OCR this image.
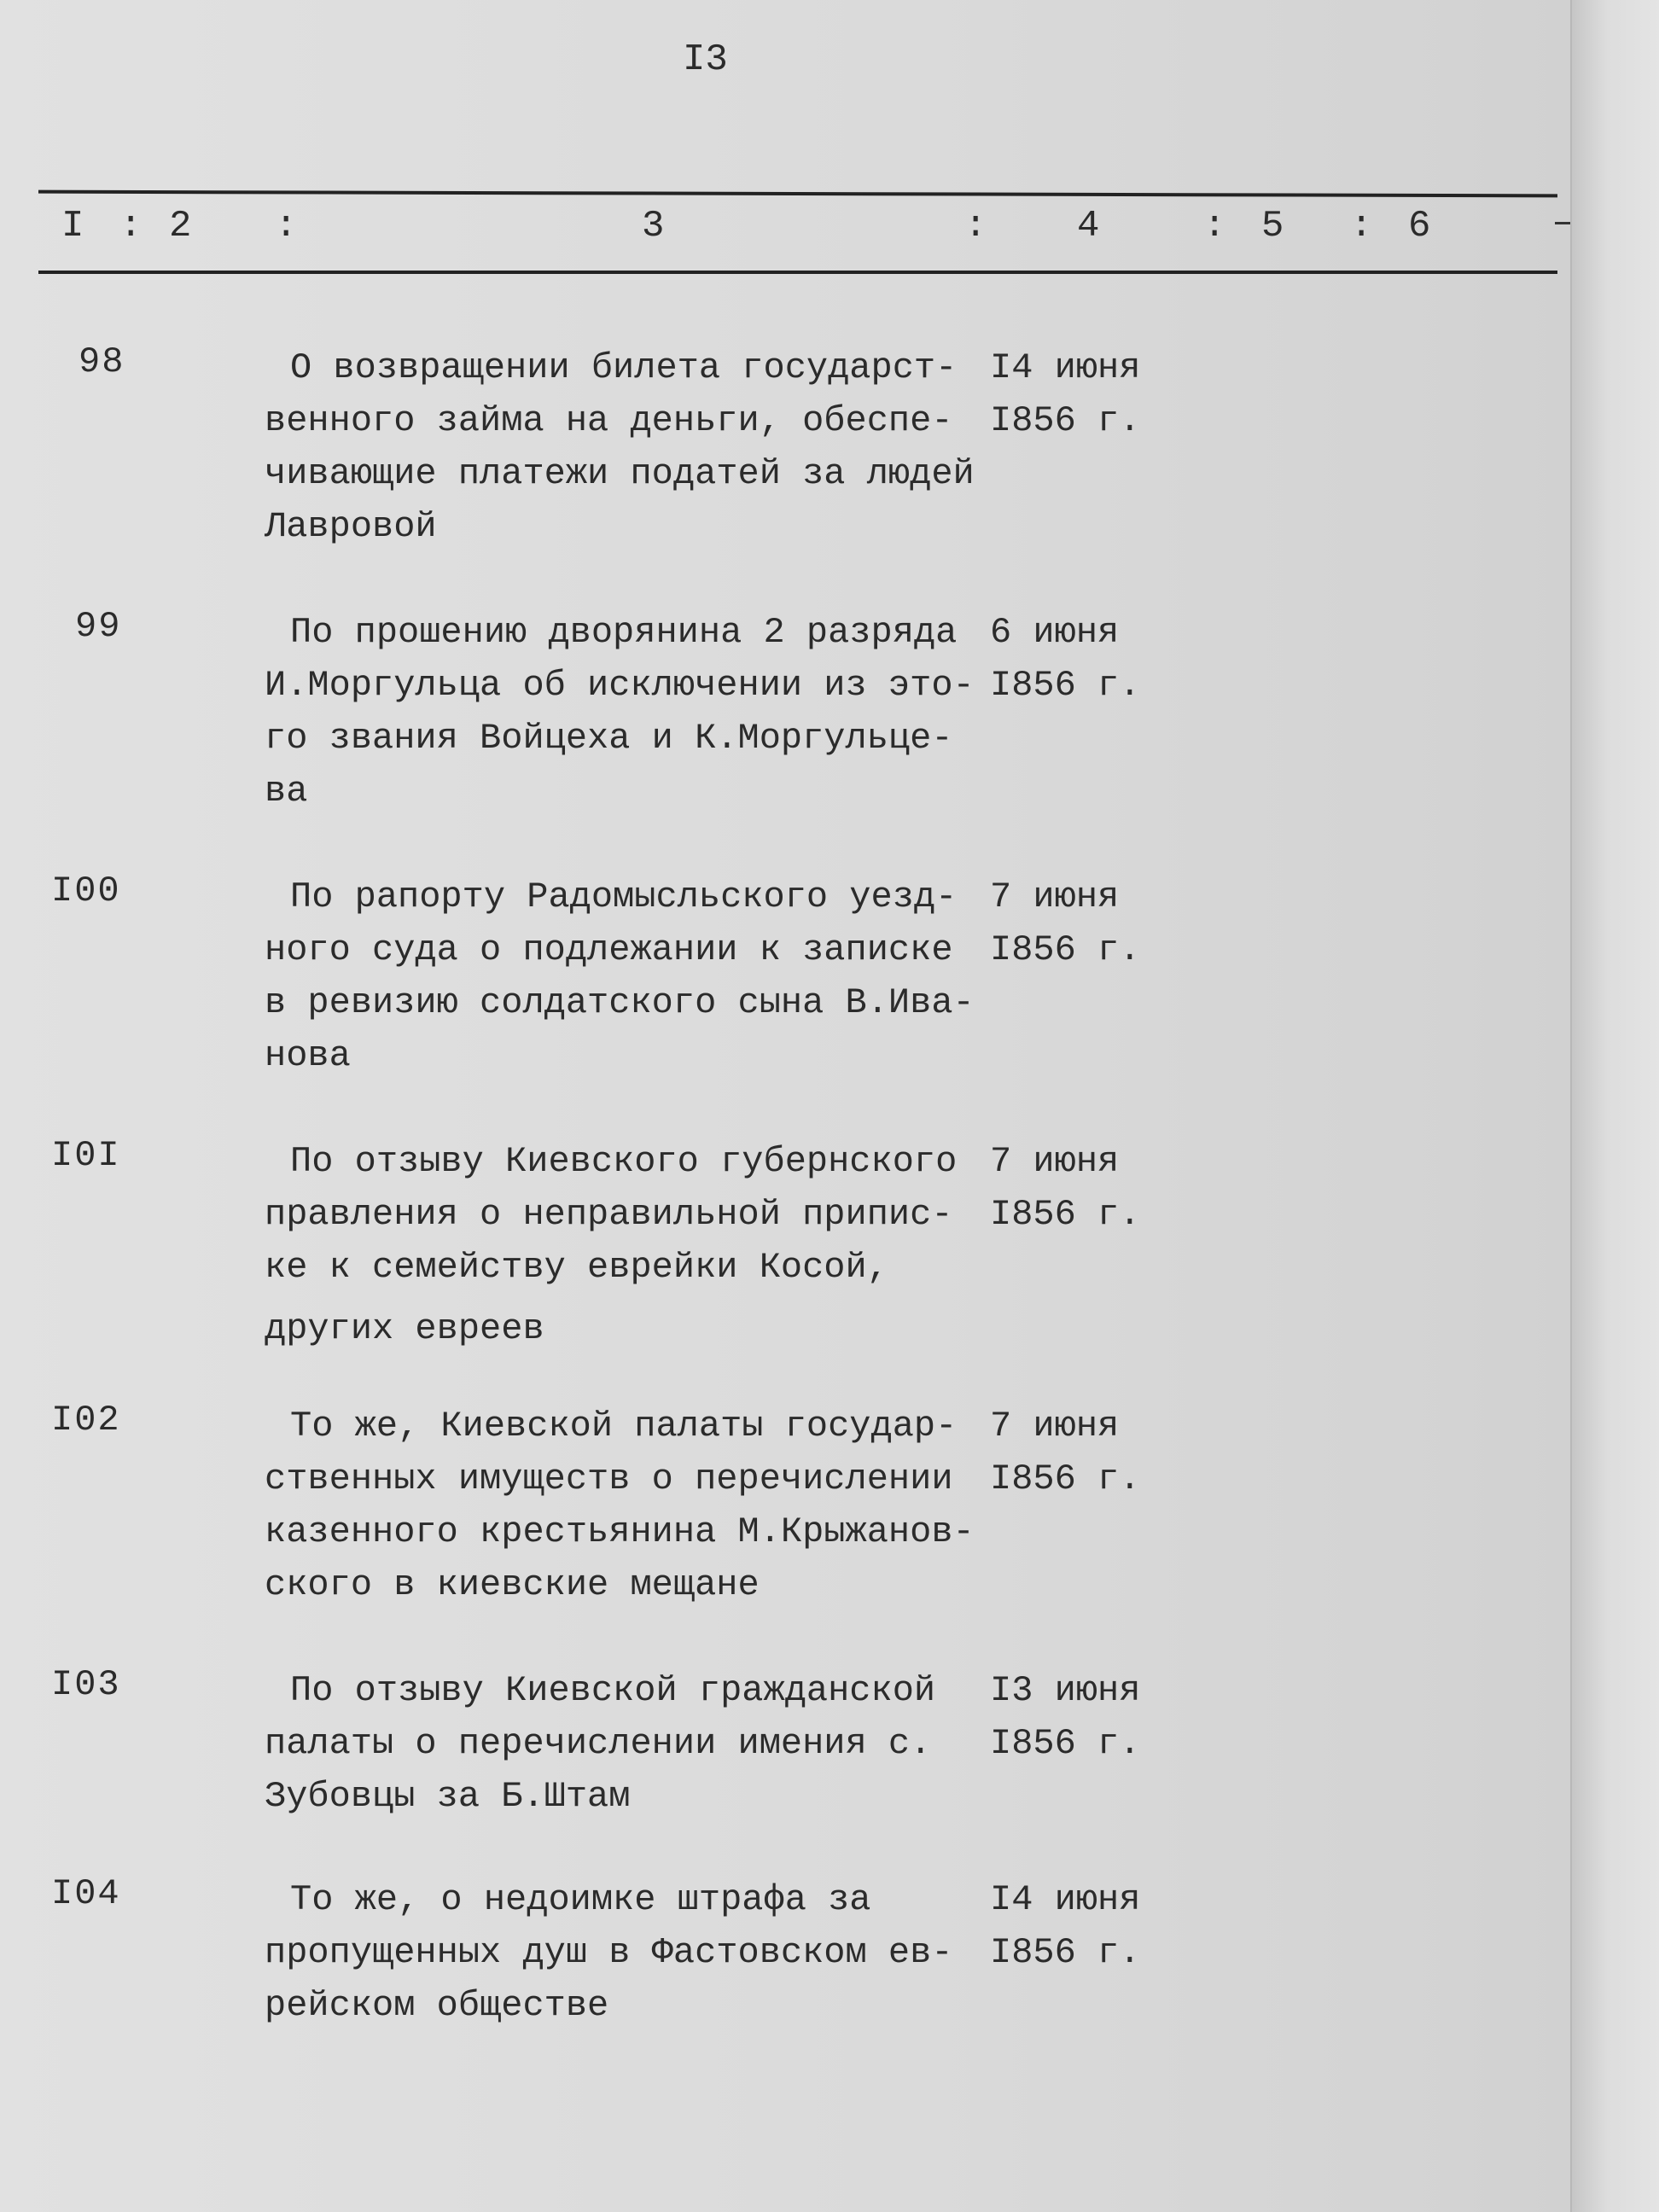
I3
I : 2 :	3	: 4	: 5 : 6
98	О возвращении билета государст-
венного займа на деньги, обеспе-
чивающие платежи податей за людей
Лавровой
I4 июня
I856 г.
99	По прошению дворянина 2 разряда
И.Моргульца об исключении из это-
го звания Войцеха и К.Моргульце-
ва
6 июня
I856 г.
I00	По рапорту Радомысльского уезд-
ного суда о подлежании к записке
в ревизию солдатского сына В.Ива-
нова
7 июня
I856 г.
I0I	По отзыву Киевского губернского
правления о неправильной припис-
ке к семейству еврейки Косой,
других евреев
7 июня
I856 г.
I02	То же, Киевской палаты государ-
ственных имуществ о перечислении
казенного крестьянина М.Крыжанов-
ского в киевские мещане
7 июня
I856 г.
I03	По отзыву Киевской гражданской
палаты о перечислении имения с.
Зубовцы за Б.Штам
I3 июня
I856 г.
I04	То же, о недоимке штрафа за
пропущенных душ в Фастовском ев-
рейском обществе
I4 июня
I856 г.
